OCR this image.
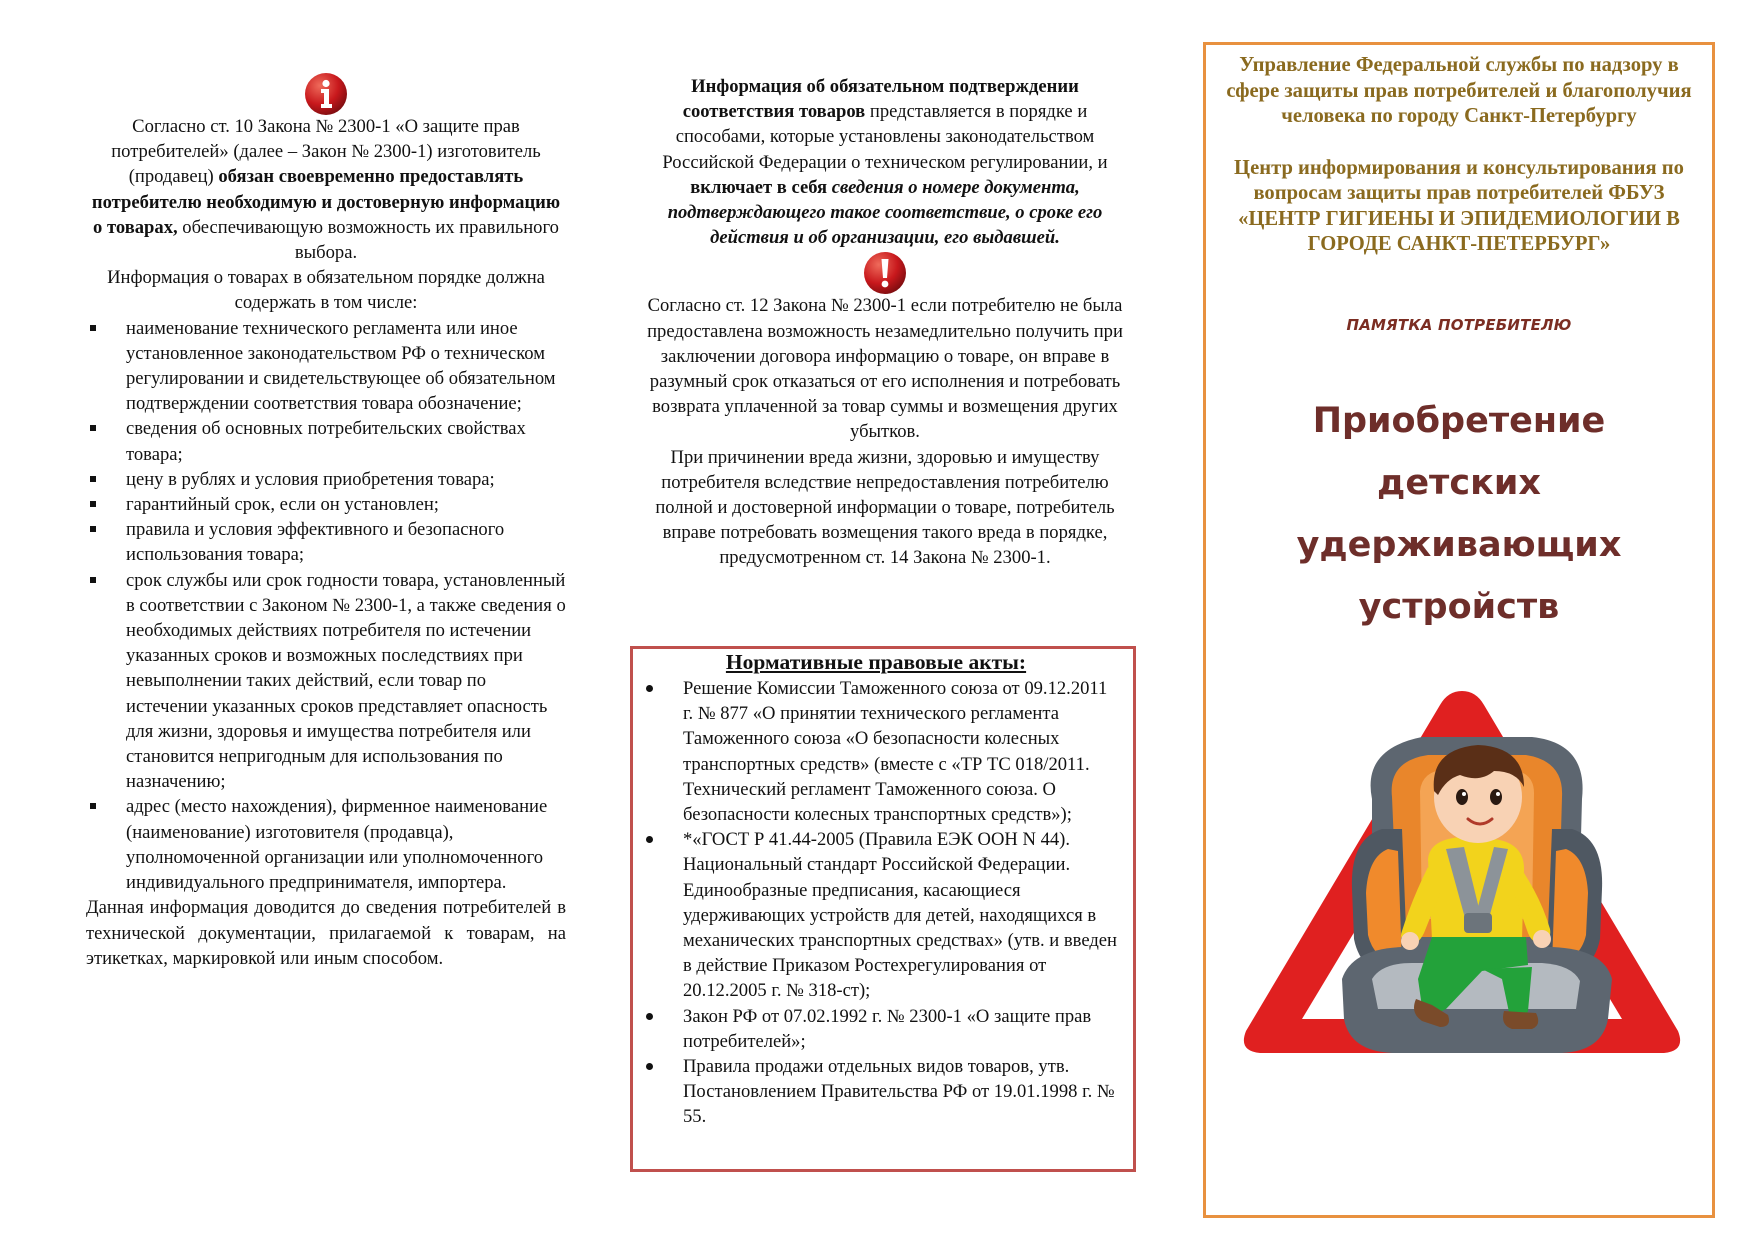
Согласно ст. 10 Закона № 2300-1 «О защите прав потребителей» (далее – Закон № 2300-1) изготовитель (продавец) обязан своевременно предоставлять потребителю необходимую и достоверную информацию о товарах, обеспечивающую возможность их правильного выбора.

Информация о товарах в обязательном порядке должна содержать в том числе:

наименование технического регламента или иное установленное законодательством РФ о техническом регулировании и свидетельствующее об обязательном подтверждении соответствия товара обозначение;
сведения об основных потребительских свойствах товара;
цену в рублях и условия приобретения товара;
гарантийный срок, если он установлен;
правила и условия эффективного и безопасного использования товара;
срок службы или срок годности товара, установленный в соответствии с Законом № 2300-1, а также сведения о необходимых действиях потребителя по истечении указанных сроков и возможных последствиях при невыполнении таких действий, если товар по истечении указанных сроков представляет опасность для жизни, здоровья и имущества потребителя или становится непригодным для использования по назначению;
адрес (место нахождения), фирменное наименование (наименование) изготовителя (продавца), уполномоченной организации или уполномоченного индивидуального предпринимателя, импортера.

Данная информация доводится до сведения потребителей в технической документации, прилагаемой к товарам, на этикетках, маркировкой или иным способом.

Информация об обязательном подтверждении соответствия товаров представляется в порядке и способами, которые установлены законодательством Российской Федерации о техническом регулировании, и включает в себя сведения о номере документа, подтверждающего такое соответствие, о сроке его действия и об организации, его выдавшей.

Согласно ст. 12 Закона № 2300-1 если потребителю не была предоставлена возможность незамедлительно получить при заключении договора информацию о товаре, он вправе в разумный срок отказаться от его исполнения и потребовать возврата уплаченной за товар суммы и возмещения других убытков.

При причинении вреда жизни, здоровью и имуществу потребителя вследствие непредоставления потребителю полной и достоверной информации о товаре, потребитель вправе потребовать возмещения такого вреда в порядке, предусмотренном ст. 14 Закона № 2300-1.

Нормативные правовые акты:
Решение Комиссии Таможенного союза от 09.12.2011 г. № 877 «О принятии технического регламента Таможенного союза «О безопасности колесных транспортных средств» (вместе с «ТР ТС 018/2011. Технический регламент Таможенного союза. О безопасности колесных транспортных средств»);
*«ГОСТ Р 41.44-2005 (Правила ЕЭК ООН N 44). Национальный стандарт Российской Федерации. Единообразные предписания, касающиеся удерживающих устройств для детей, находящихся в механических транспортных средствах» (утв. и введен в действие Приказом Ростехрегулирования от 20.12.2005 г. № 318-ст);
Закон РФ от 07.02.1992 г. № 2300-1 «О защите прав потребителей»;
Правила продажи отдельных видов товаров, утв. Постановлением Правительства РФ от 19.01.1998 г. № 55.

Управление Федеральной службы по надзору в сфере защиты прав потребителей и благополучия человека по городу Санкт-Петербургу

Центр информирования и консультирования по вопросам защиты прав потребителей ФБУЗ «ЦЕНТР ГИГИЕНЫ И ЭПИДЕМИОЛОГИИ В ГОРОДЕ САНКТ-ПЕТЕРБУРГ»

ПАМЯТКА ПОТРЕБИТЕЛЮ

Приобретение детских удерживающих устройств
